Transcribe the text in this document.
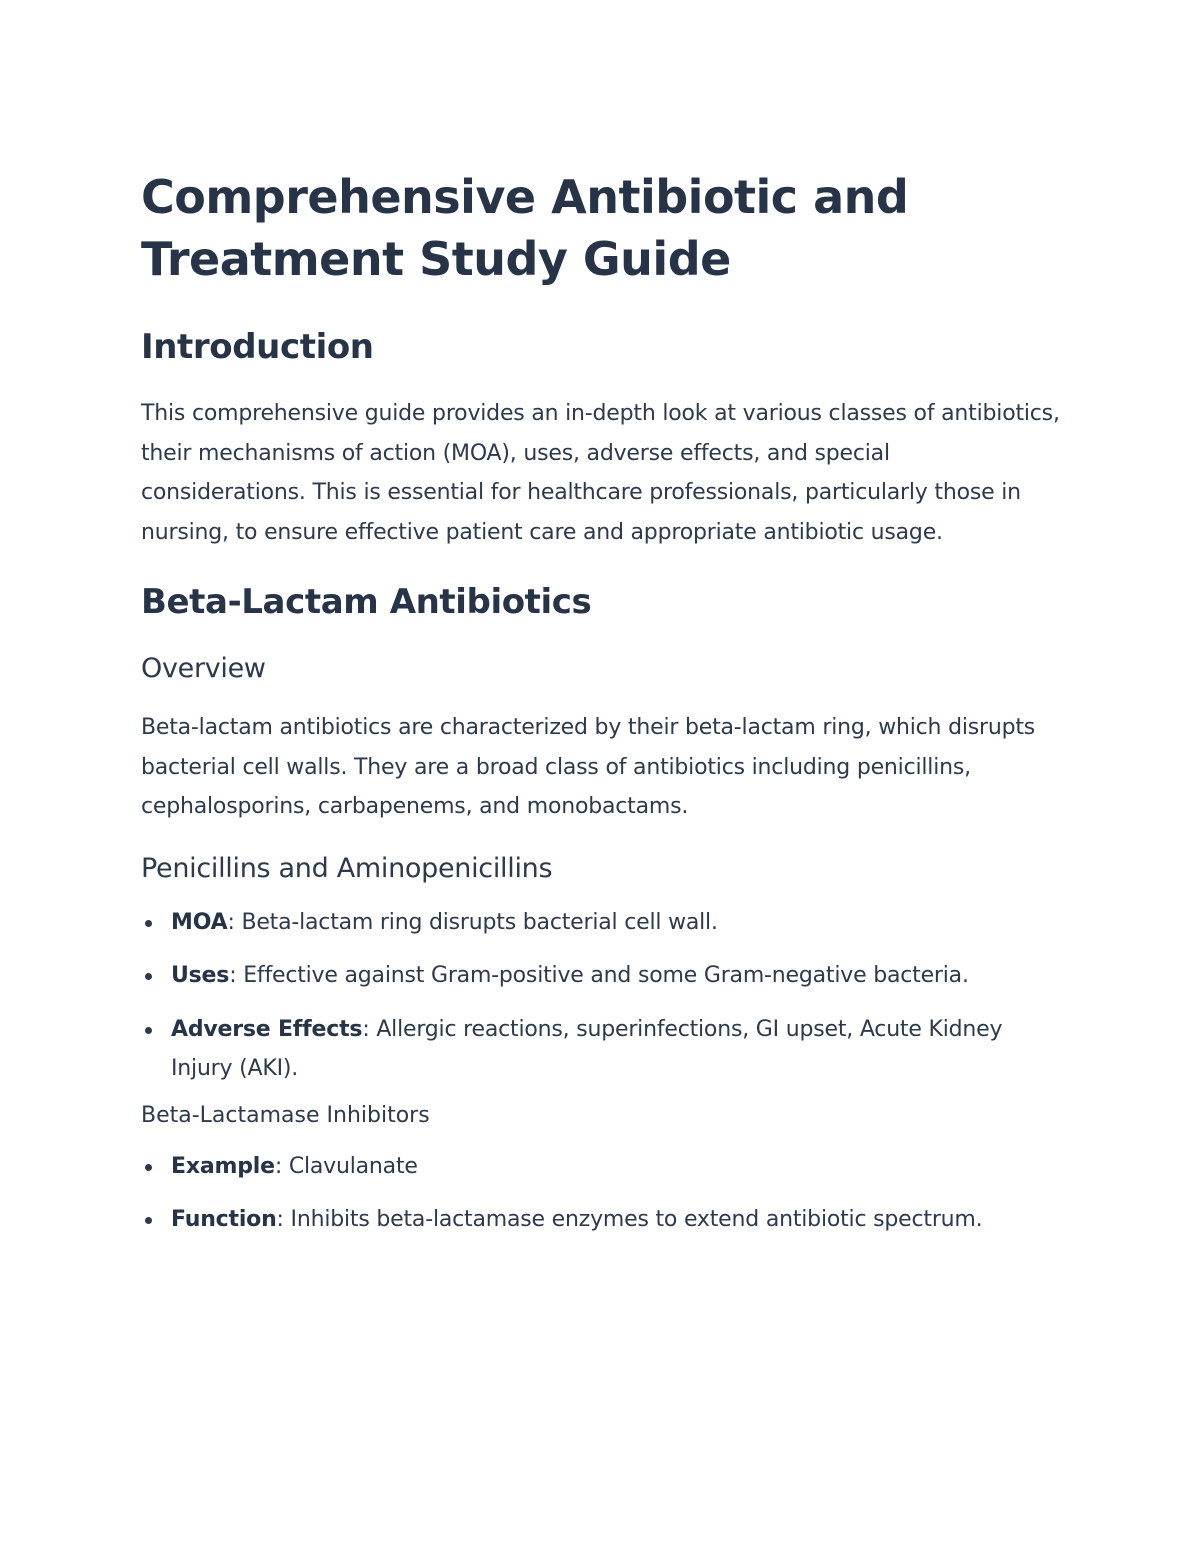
Comprehensive Antibiotic and Treatment Study Guide
Introduction

This comprehensive guide provides an in-depth look at various classes of antibiotics, their mechanisms of action (MOA), uses, adverse effects, and special considerations. This is essential for healthcare professionals, particularly those in nursing, to ensure effective patient care and appropriate antibiotic usage.

Beta-Lactam Antibiotics
Overview

Beta-lactam antibiotics are characterized by their beta-lactam ring, which disrupts bacterial cell walls. They are a broad class of antibiotics including penicillins, cephalosporins, carbapenems, and monobactams.

Penicillins and Aminopenicillins
MOA: Beta-lactam ring disrupts bacterial cell wall.
Uses: Effective against Gram-positive and some Gram-negative bacteria.
Adverse Effects: Allergic reactions, superinfections, GI upset, Acute Kidney Injury (AKI).
Beta-Lactamase Inhibitors
Example: Clavulanate
Function: Inhibits beta-lactamase enzymes to extend antibiotic spectrum.
